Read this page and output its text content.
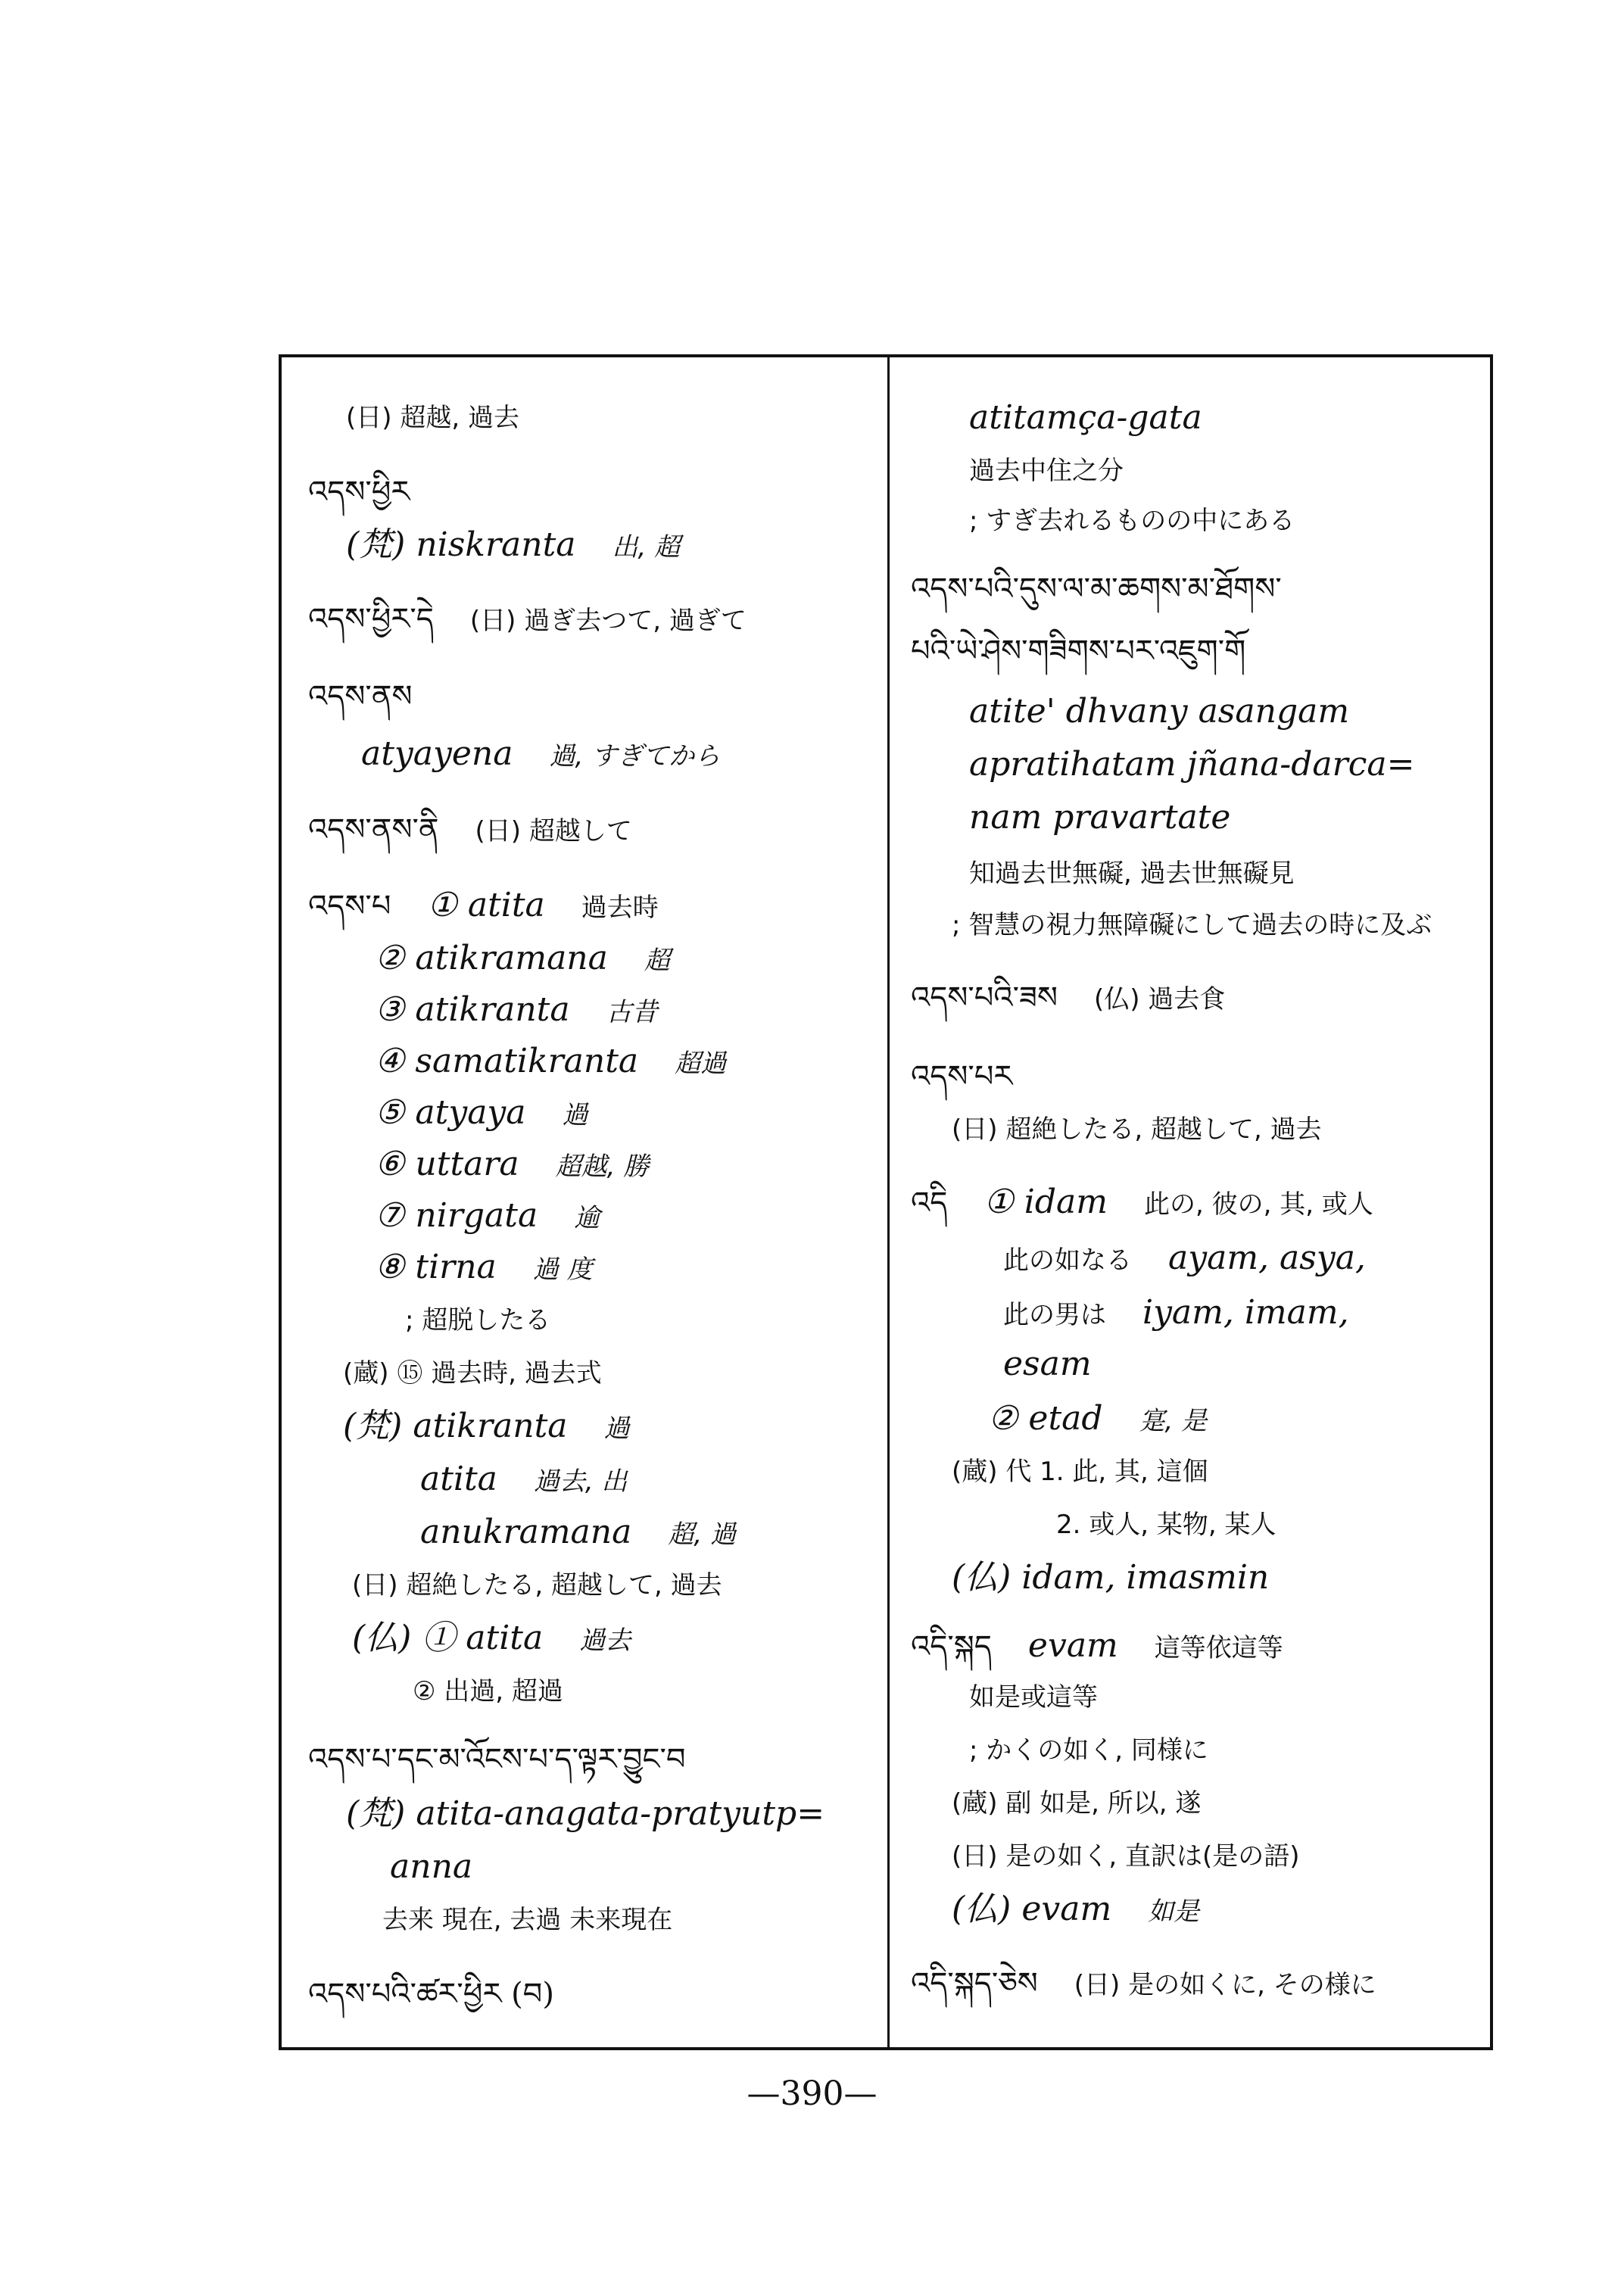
(日) 超越, 過去
འདས་ཕྱིར
(梵) niskranta 出, 超
འདས་ཕྱིར་དེ (日) 過ぎ去つて, 過ぎて
འདས་ནས
atyayena 過, すぎてから
འདས་ནས་ནི (日) 超越して
འདས་པ ① atita 過去時
② atikramana 超
③ atikranta 古昔
④ samatikranta 超過
⑤ atyaya 過
⑥ uttara 超越, 勝
⑦ nirgata 逾
⑧ tirna 過 度
; 超脱したる
(蔵) ⑮ 過去時, 過去式
(梵) atikranta 過
atita 過去, 出
anukramana 超, 過
(日) 超絶したる, 超越して, 過去
(仏) ① atita 過去
② 出過, 超過
འདས་པ་དང་མ་འོངས་པ་ད་ལྟར་བྱུང་བ
(梵) atita-anagata-pratyutp=
anna
去来 現在, 去過 未来現在
འདས་པའི་ཚར་ཕྱིར (བ)
atitamça-gata
過去中住之分
; すぎ去れるものの中にある
འདས་པའི་དུས་ལ་མ་ཆགས་མ་ཐོགས་
པའི་ཡེ་ཤེས་གཟིགས་པར་འཇུག་གོ
atite' dhvany asangam
apratihatam jñana-darca=
nam pravartate
知過去世無礙, 過去世無礙見
; 智慧の視力無障礙にして過去の時に及ぶ
འདས་པའི་ཟས (仏) 過去食
འདས་པར
(日) 超絶したる, 超越して, 過去
འདི ① idam 此の, 彼の, 其, 或人
此の如なる ayam, asya,
此の男は iyam, imam,
esam
② etad 寔, 是
(蔵) 代 1. 此, 其, 這個
2. 或人, 某物, 某人
(仏) idam, imasmin
འདི་སྐད evam 這等依這等
如是或這等
; かくの如く, 同様に
(蔵) 副 如是, 所以, 遂
(日) 是の如く, 直訳は(是の語)
(仏) evam 如是
འདི་སྐད་ཅེས (日) 是の如くに, その様に
—390—
